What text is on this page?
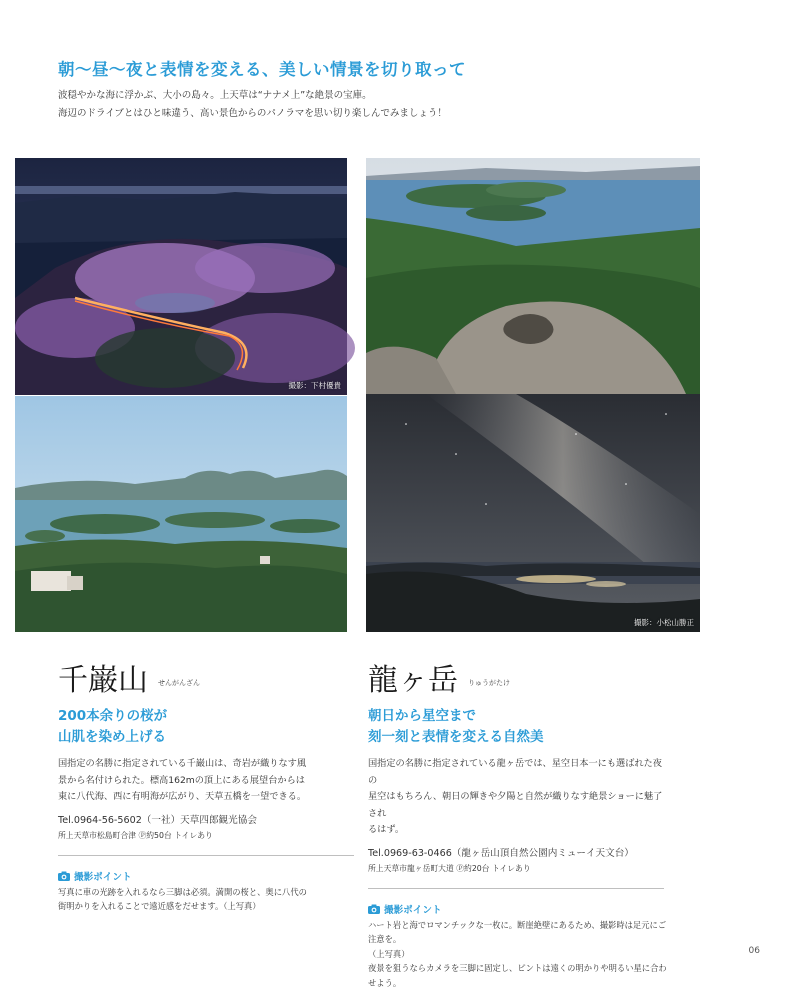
朝〜昼〜夜と表情を変える、美しい情景を切り取って
波穏やかな海に浮かぶ、大小の島々。上天草は“ナナメ上”な絶景の宝庫。
海辺のドライブとはひと味違う、高い景色からのパノラマを思い切り楽しんでみましょう！
撮影：下村優貴
撮影：小松山勝正
千巌山 せんがんざん
200本余りの桜が
山肌を染め上げる
国指定の名勝に指定されている千巌山は、奇岩が織りなす風
景から名付けられた。標高162mの頂上にある展望台からは
東に八代海、西に有明海が広がり、天草五橋を一望できる。
Tel.0964-56-5602（一社）天草四郎観光協会
所上天草市松島町合津 Ⓟ約50台 トイレあり
撮影ポイント
写真に車の光跡を入れるなら三脚は必須。満開の桜と、奥に八代の
街明かりを入れることで遠近感をだせます。（上写真）
龍ヶ岳 りゅうがたけ
朝日から星空まで
刻一刻と表情を変える自然美
国指定の名勝に指定されている龍ヶ岳では、星空日本一にも選ばれた夜の
星空はもちろん、朝日の輝きや夕陽と自然が織りなす絶景ショーに魅了され
るはず。
Tel.0969-63-0466（龍ヶ岳山頂自然公園内ミューイ天文台）
所上天草市龍ヶ岳町大道 Ⓟ約20台 トイレあり
撮影ポイント
ハート岩と海でロマンチックな一枚に。断崖絶壁にあるため、撮影時は足元にご注意を。
（上写真）
夜景を狙うならカメラを三脚に固定し、ピントは遠くの明かりや明るい星に合わせよう。
06
